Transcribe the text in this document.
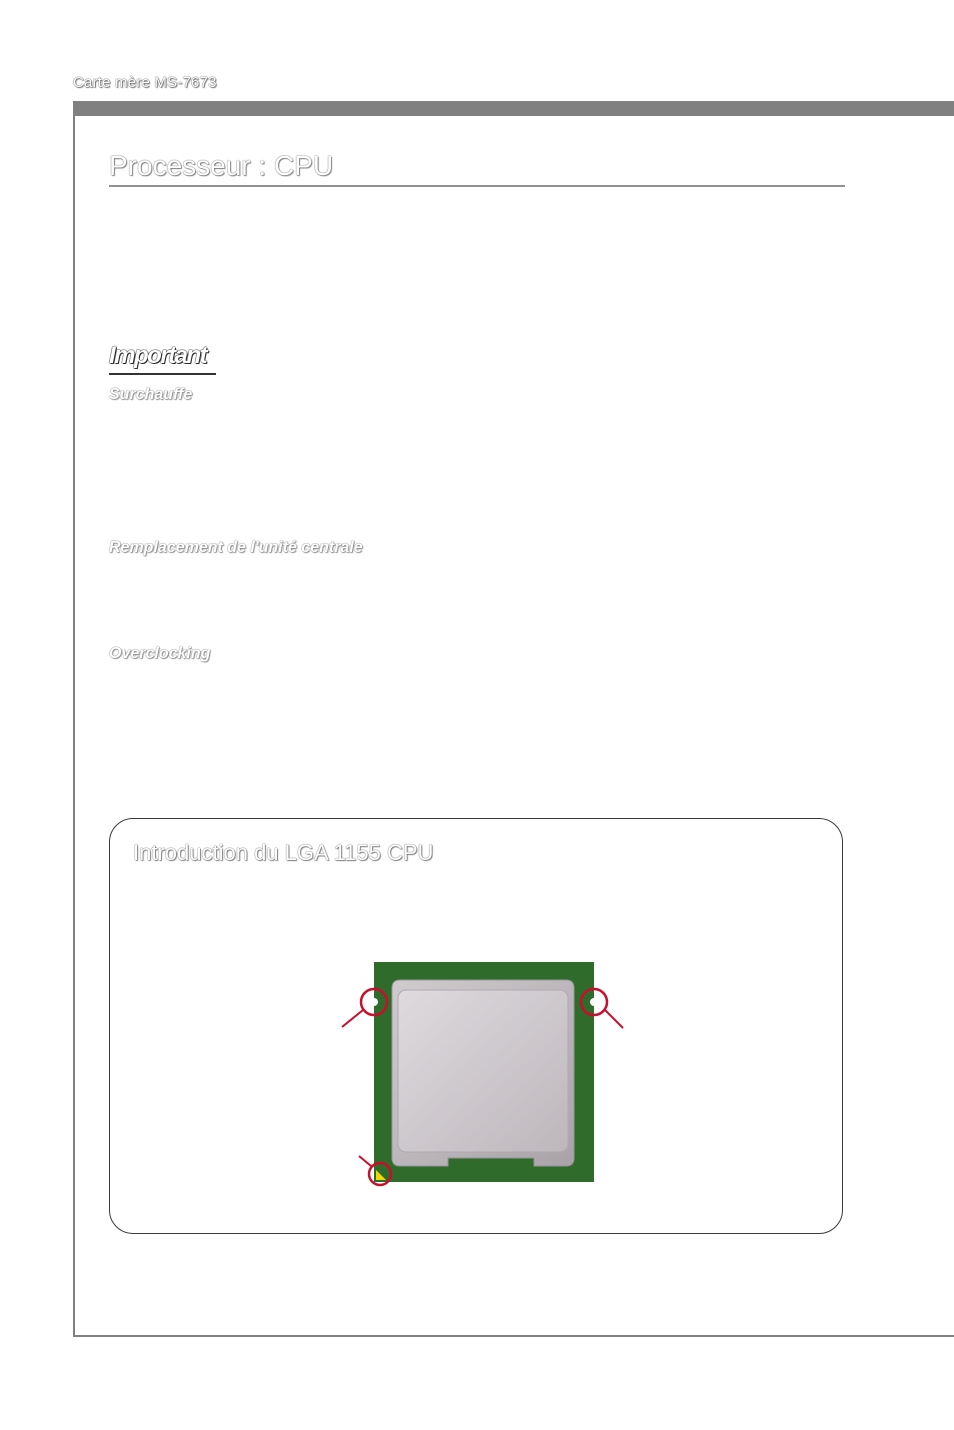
Carte mère MS-7673
Processeur : CPU
Important
Surchauffe
Remplacement de l'unité centrale
Overclocking
Introduction du LGA 1155 CPU
